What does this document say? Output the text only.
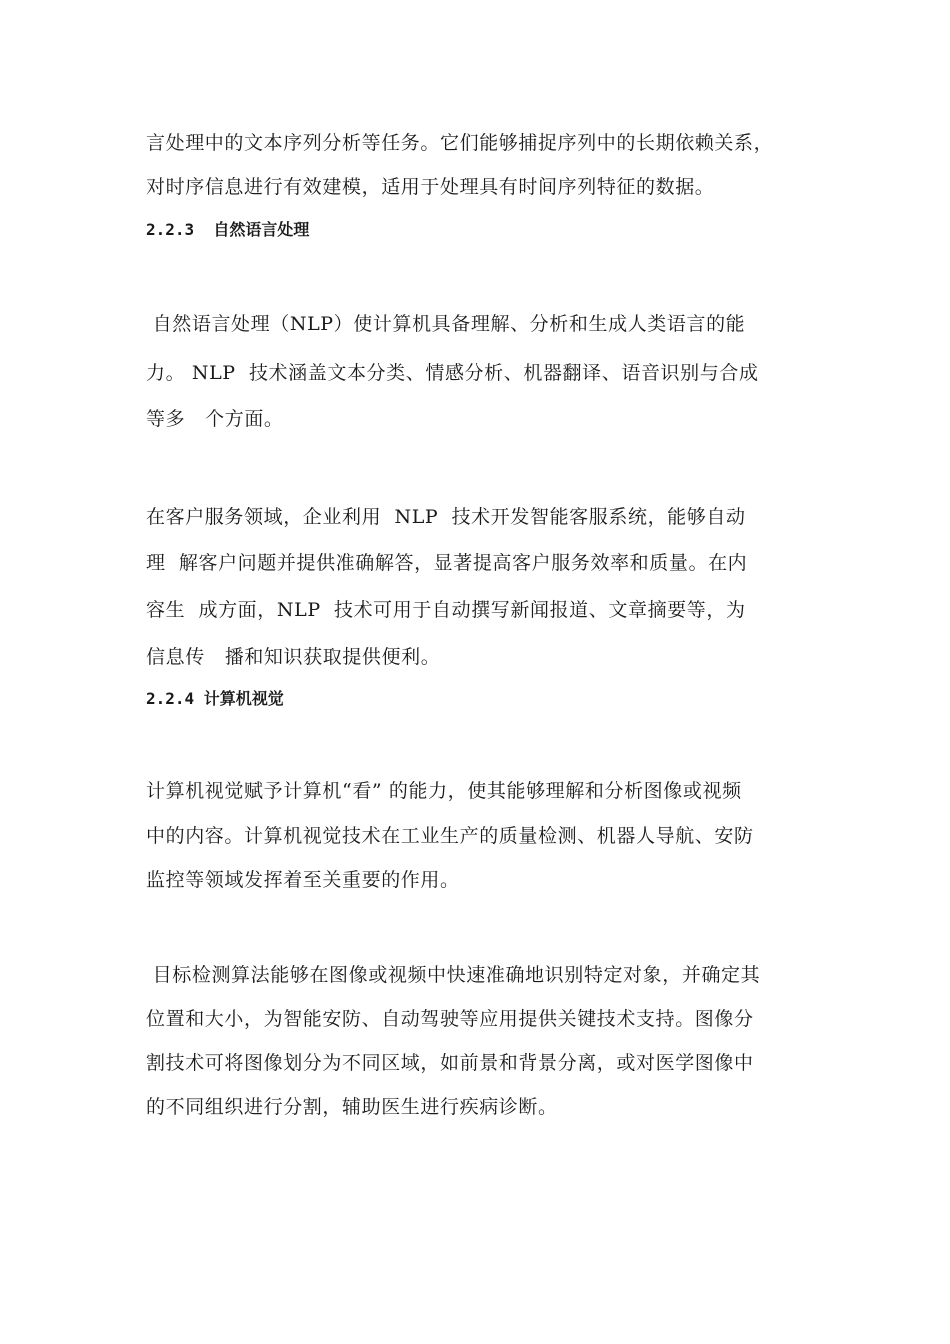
言处理中的文本序列分析等任务。它们能够捕捉序列中的长期依赖关系，
对时序信息进行有效建模，适用于处理具有时间序列特征的数据。
2.2.3  自然语言处理
自然语言处理（NLP）使计算机具备理解、分析和生成人类语言的能
力。 NLP  技术涵盖文本分类、情感分析、机器翻译、语音识别与合成
等多   个方面。
在客户服务领域，企业利用  NLP  技术开发智能客服系统，能够自动
理  解客户问题并提供准确解答，显著提高客户服务效率和质量。在内
容生  成方面，NLP  技术可用于自动撰写新闻报道、文章摘要等，为
信息传   播和知识获取提供便利。
2.2.4 计算机视觉
计算机视觉赋予计算机“看” 的能力，使其能够理解和分析图像或视频
中的内容。计算机视觉技术在工业生产的质量检测、机器人导航、安防
监控等领域发挥着至关重要的作用。
目标检测算法能够在图像或视频中快速准确地识别特定对象，并确定其
位置和大小，为智能安防、自动驾驶等应用提供关键技术支持。图像分
割技术可将图像划分为不同区域，如前景和背景分离，或对医学图像中
的不同组织进行分割，辅助医生进行疾病诊断。
